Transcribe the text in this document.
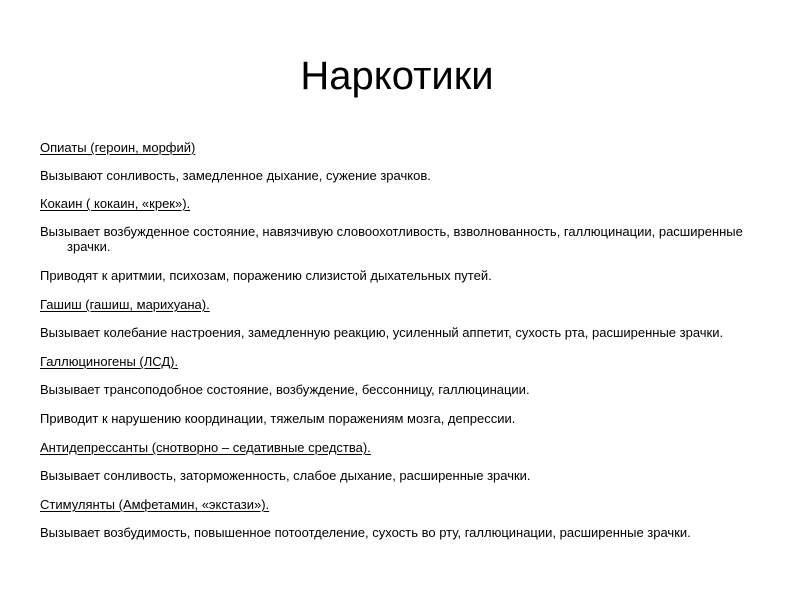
Наркотики

Опиаты (героин, морфий)

Вызывают сонливость, замедленное дыхание, сужение зрачков.

Кокаин ( кокаин, «крек»).

Вызывает возбужденное состояние, навязчивую словоохотливость, взволнованность, галлюцинации, расширенные зрачки.

Приводят к аритмии, психозам, поражению слизистой дыхательных путей.

Гашиш (гашиш, марихуана).

Вызывает колебание настроения, замедленную реакцию, усиленный аппетит, сухость рта, расширенные зрачки.

Галлюциногены (ЛСД).

Вызывает трансоподобное состояние, возбуждение, бессонницу, галлюцинации.

Приводит к нарушению координации, тяжелым поражениям мозга, депрессии.

Антидепрессанты (снотворно – седативные средства).

Вызывает сонливость, заторможенность, слабое дыхание, расширенные зрачки.

Стимулянты (Амфетамин, «экстази»).

Вызывает возбудимость, повышенное потоотделение, сухость во рту, галлюцинации, расширенные зрачки.
